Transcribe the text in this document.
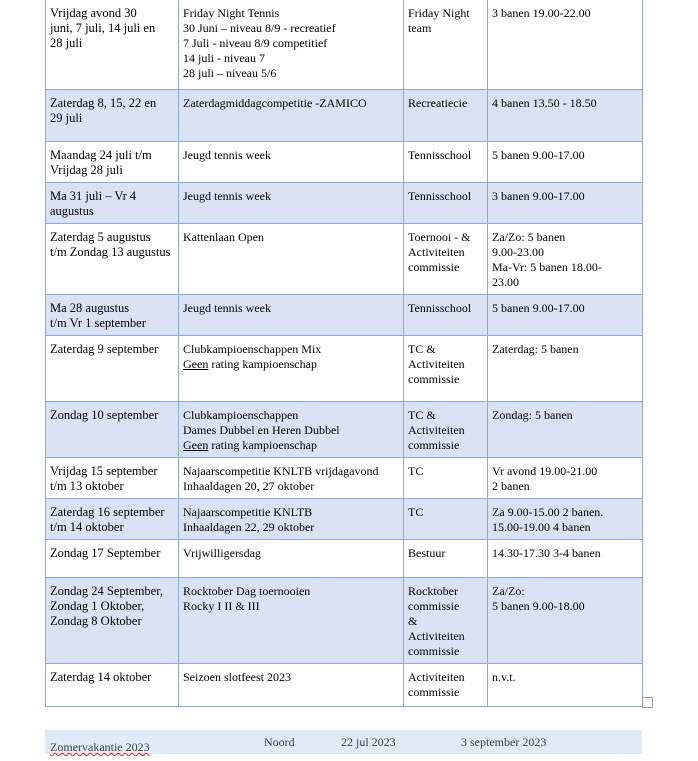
Vrijdag avond 30
juni, 7 juli, 14 juli en
28 juli	Friday Night Tennis
30 Juni – niveau 8/9 - recreatief
7 Juli - niveau 8/9 competitief
14 juli - niveau 7
28 juli – niveau 5/6	Friday Night
team	3 banen 19.00-22.00

Zaterdag 8, 15, 22 en
29 juli	Zaterdagmiddagcompetitie -ZAMICO	Recreatiecie	4 banen 13.50 - 18.50

Maandag 24 juli t/m
Vrijdag 28 juli	Jeugd tennis week	Tennisschool	5 banen 9.00-17.00

Ma 31 juli – Vr 4
augustus	Jeugd tennis week	Tennisschool	3 banen 9.00-17.00

Zaterdag 5 augustus
t/m Zondag 13 augustus	Kattenlaan Open	Toernooi - &
Activiteiten
commissie	Za/Zo: 5 banen
9.00-23.00
Ma-Vr: 5 banen 18.00-
23.00

Ma 28 augustus
t/m Vr 1 september	Jeugd tennis week	Tennisschool	5 banen 9.00-17.00

Zaterdag 9 september	Clubkampioenschappen Mix
Geen rating kampioenschap	TC &
Activiteiten
commissie	Zaterdag: 5 banen

Zondag 10 september	Clubkampioenschappen
Dames Dubbel en Heren Dubbel
Geen rating kampioenschap	TC &
Activiteiten
commissie	Zondag: 5 banen

Vrijdag 15 september
t/m 13 oktober	Najaarscompetitie KNLTB vrijdagavond
Inhaaldagen 20, 27 oktober	TC	Vr avond 19.00-21.00
2 banen

Zaterdag 16 september
t/m 14 oktober	Najaarscompetitie KNLTB
Inhaaldagen 22, 29 oktober	TC	Za 9.00-15.00 2 banen.
15.00-19.00 4 banen

Zondag 17 September	Vrijwilligersdag	Bestuur	14.30-17.30 3-4 banen

Zondag 24 September,
Zondag 1 Oktober,
Zondag 8 Oktober	Rocktober Dag toernooien
Rocky I II & III	Rocktober
commissie
&
Activiteiten
commissie	Za/Zo:
5 banen 9.00-18.00

Zaterdag 14 oktober	Seizoen slotfeest 2023	Activiteiten
commissie	n.v.t.
Zomervakantie 2023	Noord	22 jul 2023	3 september 2023
